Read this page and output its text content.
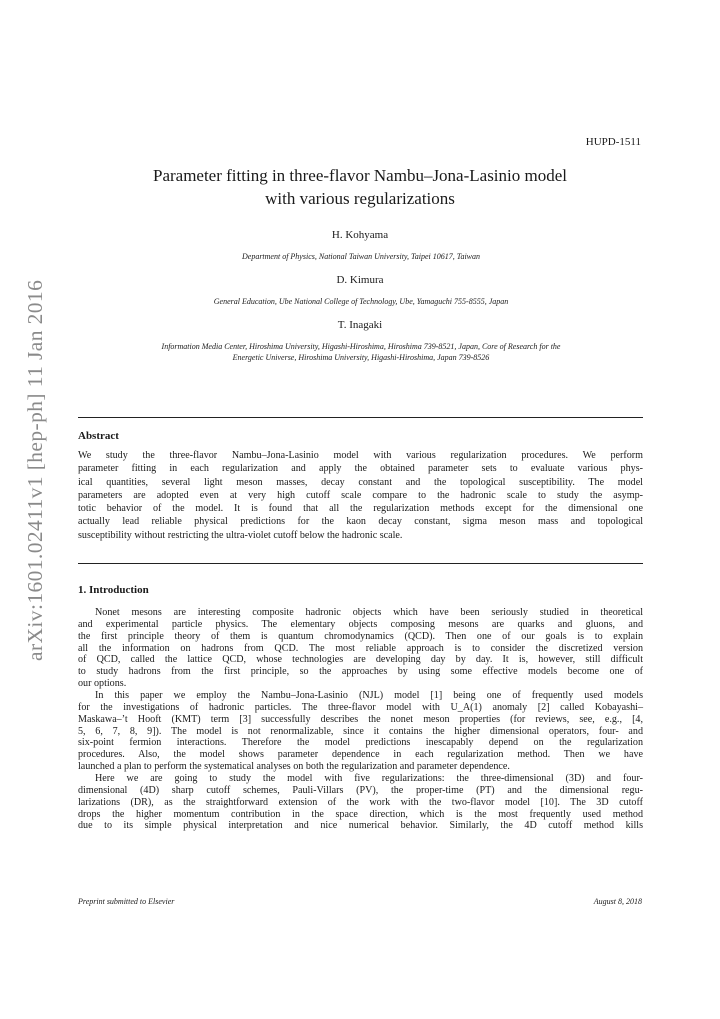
arXiv:1601.02411v1 [hep-ph] 11 Jan 2016
HUPD-1511
Parameter fitting in three-flavor Nambu–Jona-Lasinio model
with various regularizations
H. Kohyama
Department of Physics, National Taiwan University, Taipei 10617, Taiwan
D. Kimura
General Education, Ube National College of Technology, Ube, Yamaguchi 755-8555, Japan
T. Inagaki
Information Media Center, Hiroshima University, Higashi-Hiroshima, Hiroshima 739-8521, Japan, Core of Research for the
Energetic Universe, Hiroshima University, Higashi-Hiroshima, Japan 739-8526
Abstract
We study the three-flavor Nambu–Jona-Lasinio model with various regularization procedures. We perform
parameter fitting in each regularization and apply the obtained parameter sets to evaluate various phys-
ical quantities, several light meson masses, decay constant and the topological susceptibility. The model
parameters are adopted even at very high cutoff scale compare to the hadronic scale to study the asymp-
totic behavior of the model. It is found that all the regularization methods except for the dimensional one
actually lead reliable physical predictions for the kaon decay constant, sigma meson mass and topological
susceptibility without restricting the ultra-violet cutoff below the hadronic scale.
1. Introduction
Nonet mesons are interesting composite hadronic objects which have been seriously studied in theoretical
and experimental particle physics. The elementary objects composing mesons are quarks and gluons, and
the first principle theory of them is quantum chromodynamics (QCD). Then one of our goals is to explain
all the information on hadrons from QCD. The most reliable approach is to consider the discretized version
of QCD, called the lattice QCD, whose technologies are developing day by day. It is, however, still difficult
to study hadrons from the first principle, so the approaches by using some effective models become one of
our options.
In this paper we employ the Nambu–Jona-Lasinio (NJL) model [1] being one of frequently used models
for the investigations of hadronic particles. The three-flavor model with U_A(1) anomaly [2] called Kobayashi–
Maskawa–’t Hooft (KMT) term [3] successfully describes the nonet meson properties (for reviews, see, e.g., [4,
5, 6, 7, 8, 9]). The model is not renormalizable, since it contains the higher dimensional operators, four- and
six-point fermion interactions. Therefore the model predictions inescapably depend on the regularization
procedures. Also, the model shows parameter dependence in each regularization method. Then we have
launched a plan to perform the systematical analyses on both the regularization and parameter dependence.
Here we are going to study the model with five regularizations: the three-dimensional (3D) and four-
dimensional (4D) sharp cutoff schemes, Pauli-Villars (PV), the proper-time (PT) and the dimensional regu-
larizations (DR), as the straightforward extension of the work with the two-flavor model [10]. The 3D cutoff
drops the higher momentum contribution in the space direction, which is the most frequently used method
due to its simple physical interpretation and nice numerical behavior. Similarly, the 4D cutoff method kills
Preprint submitted to Elsevier	August 8, 2018
